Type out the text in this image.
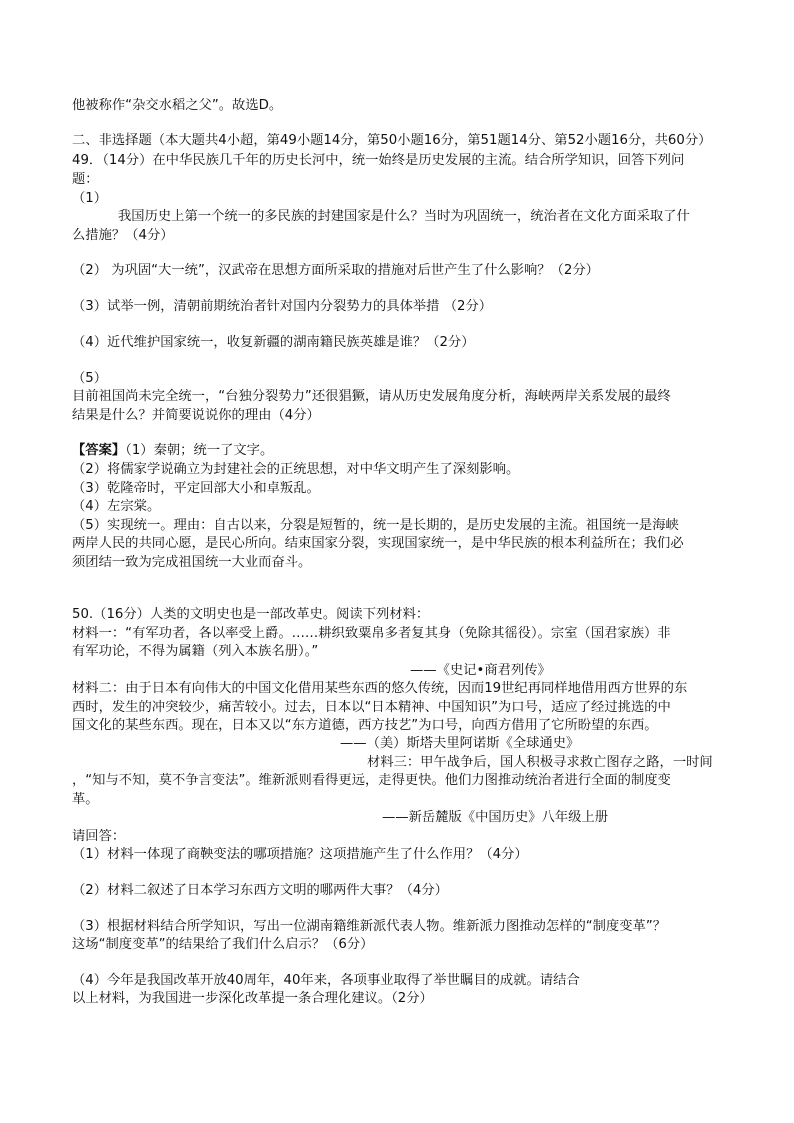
他被称作“杂交水稻之父”。故选D。
二、非选择题（本大题共4小超，第49小题14分，第50小题16分，第51题14分、第52小题16分，共60分）
49．（14分）在中华民族几千年的历史长河中，统一始终是历史发展的主流。结合所学知识，回答下列问
题：
（1）
我国历史上第一个统一的多民族的封建国家是什么？当时为巩固统一，统治者在文化方面采取了什
么措施？（4分）
（2） 为巩固“大一统”，汉武帝在思想方面所采取的措施对后世产生了什么影响？（2分）
（3）试举一例，清朝前期统治者针对国内分裂势力的具体举措 （2分）
（4）近代维护国家统一，收复新疆的湖南籍民族英雄是谁？（2分）
（5）
目前祖国尚未完全统一，“台独分裂势力”还很猖獗，请从历史发展角度分析，海峡两岸关系发展的最终
结果是什么？并简要说说你的理由（4分）
【答案】（1）秦朝；统一了文字。
（2）将儒家学说确立为封建社会的正统思想，对中华文明产生了深刻影响。
（3）乾隆帝时，平定回部大小和卓叛乱。
（4）左宗棠。
（5）实现统一。理由：自古以来，分裂是短暂的，统一是长期的，是历史发展的主流。祖国统一是海峡
两岸人民的共同心愿，是民心所向。结束国家分裂，实现国家统一，是中华民族的根本利益所在；我们必
须团结一致为完成祖国统一大业而奋斗。
50.（16分）人类的文明史也是一部改革史。阅读下列材料：
材料一：“有军功者，各以率受上爵。……耕织致粟帛多者复其身（免除其徭役）。宗室（国君家族）非
有军功论，不得为属籍（列入本族名册）。”
——《史记•商君列传》
材料二：由于日本有向伟大的中国文化借用某些东西的悠久传统，因而19世纪再同样地借用西方世界的东
西时，发生的冲突较少，痛苦较小。过去，日本以“日本精神、中国知识”为口号，适应了经过挑选的中
国文化的某些东西。现在，日本又以“东方道德，西方技艺”为口号，向西方借用了它所盼望的东西。
——（美）斯塔夫里阿诺斯《全球通史》
材料三：甲午战争后，国人积极寻求救亡图存之路，一时间
，“知与不知，莫不争言变法”。维新派则看得更远，走得更快。他们力图推动统治者进行全面的制度变
革。
——新岳麓版《中国历史》八年级上册
请回答：
（1）材料一体现了商鞅变法的哪项措施？这项措施产生了什么作用？（4分）
（2）材料二叙述了日本学习东西方文明的哪两件大事？（4分）
（3）根据材料结合所学知识，写出一位湖南籍维新派代表人物。维新派力图推动怎样的“制度变革”？
这场“制度变革”的结果给了我们什么启示？（6分）
（4）今年是我国改革开放40周年，40年来，各项事业取得了举世瞩目的成就。请结合
以上材料，为我国进一步深化改革提一条合理化建议。（2分）
